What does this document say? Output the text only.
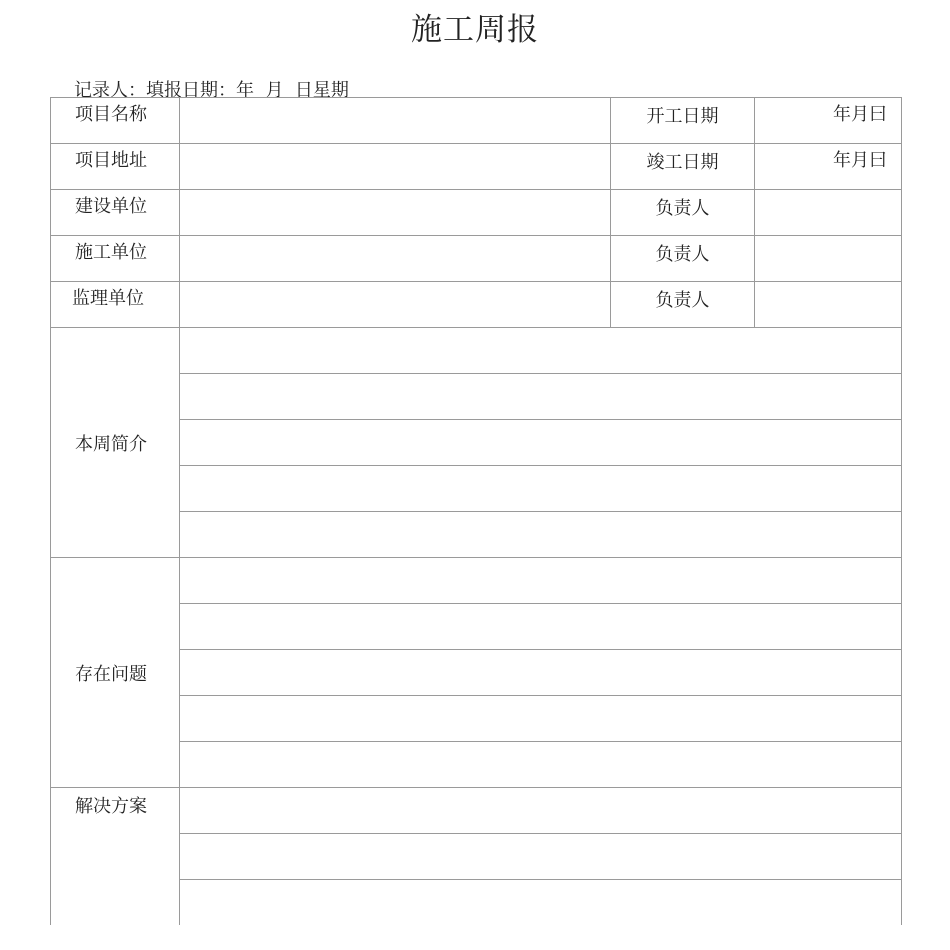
施工周报
记录人：填报日期：年  月  日星期
项目名称		开工日期	年月曰

项目地址		竣工日期	年月曰

建设单位		负责人	

施工单位		负责人	

监理单位		负责人	

本周简介			

存在问题			

解决方案			
